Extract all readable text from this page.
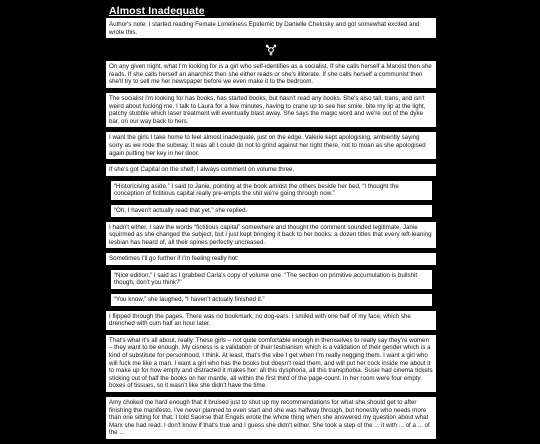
Almost Inadequate
Author's note: I started reading Female Loneliness Epidemic by Danielle Chelosky and got somewhat excited and wrote this.
On any given night, what I'm looking for is a girl who self-identifies as a socialist. If she calls herself a Marxist then she reads. If she calls herself an anarchist then she either reads or she's illiterate. If she calls herself a communist then she'll try to sell me her newspaper before we even make it to the bedroom.
The socialist I'm looking for has books, has started books, but hasn't read any books. She's also tall, trans, and isn't weird about fucking me. I talk to Laura for a few minutes, having to crane up to see her smile, bite my lip at the light, patchy stubble which laser treatment will eventually blast away. She says the magic word and we're out of the dyke bar, on our way back to hers.
I want the girls I take home to feel almost inadequate, just on the edge. Valerie kept apologising, ambiently saying sorry as we rode the subway. It was all I could do not to grind against her right there, not to moan as she apologised again putting her key in her door.
If she's got Capital on the shelf, I always comment on volume three.
“Historicising aside,” I said to Janie, pointing at the book amidst the others beside her bed, “I thought the conception of fictitious capital really pre-empts the shit we're going through now.”
“Oh, I haven't actually read that yet,” she replied.
I hadn't either. I saw the words “fictitious capital” somewhere and thought the comment sounded legitimate. Janie squirmed as she changed the subject, but I just kept bringing it back to her books: a dozen titles that every left-leaning lesbian has heard of, all their spines perfectly uncreased.
Sometimes I'll go further if I'm feeling really hot:
“Nice edition,” I said as I grabbed Carla's copy of volume one. “The section on primitive accumulation is bullshit though, don't you think?”
“You know,” she laughed, “I haven't actually finished it.”
I flipped through the pages. There was no bookmark, no dog-ears. I smiled with one half of my face, which she drenched with cum half an hour later.
That's what it's all about, really. These girls – not quite comfortable enough in themselves to really say they're women – they want to be enough. My cisness is a validation of their lesbianism which is a validation of their gender which is a kind of substitute for personhood, I think. At least, that's the vibe I get when I'm really negging them. I want a girl who will fuck me like a man. I want a girl who has the books but doesn't read them, and will put her cock inside me about it to make up for how empty and distracted it makes her: all this dysphoria, all this transphobia. Susie had cinema tickets sticking out of half the books on her mantle, all within the first third of the page-count. In her room were four empty boxes of tissues, so it wasn't like she didn't have the time.
Amy choked me hard enough that it bruised just to shut up my recommendations for what she should get to after finishing the manifesto. I've never planned to even start and she was halfway through, but honestly who needs more than one sitting for that. I told Saoirse that Engels wrote the whole thing when she answered my question about what Marx she had read. I don't know if that's true and I guess she didn't either. She took a step of the ... it with ... of a ... of the ...
